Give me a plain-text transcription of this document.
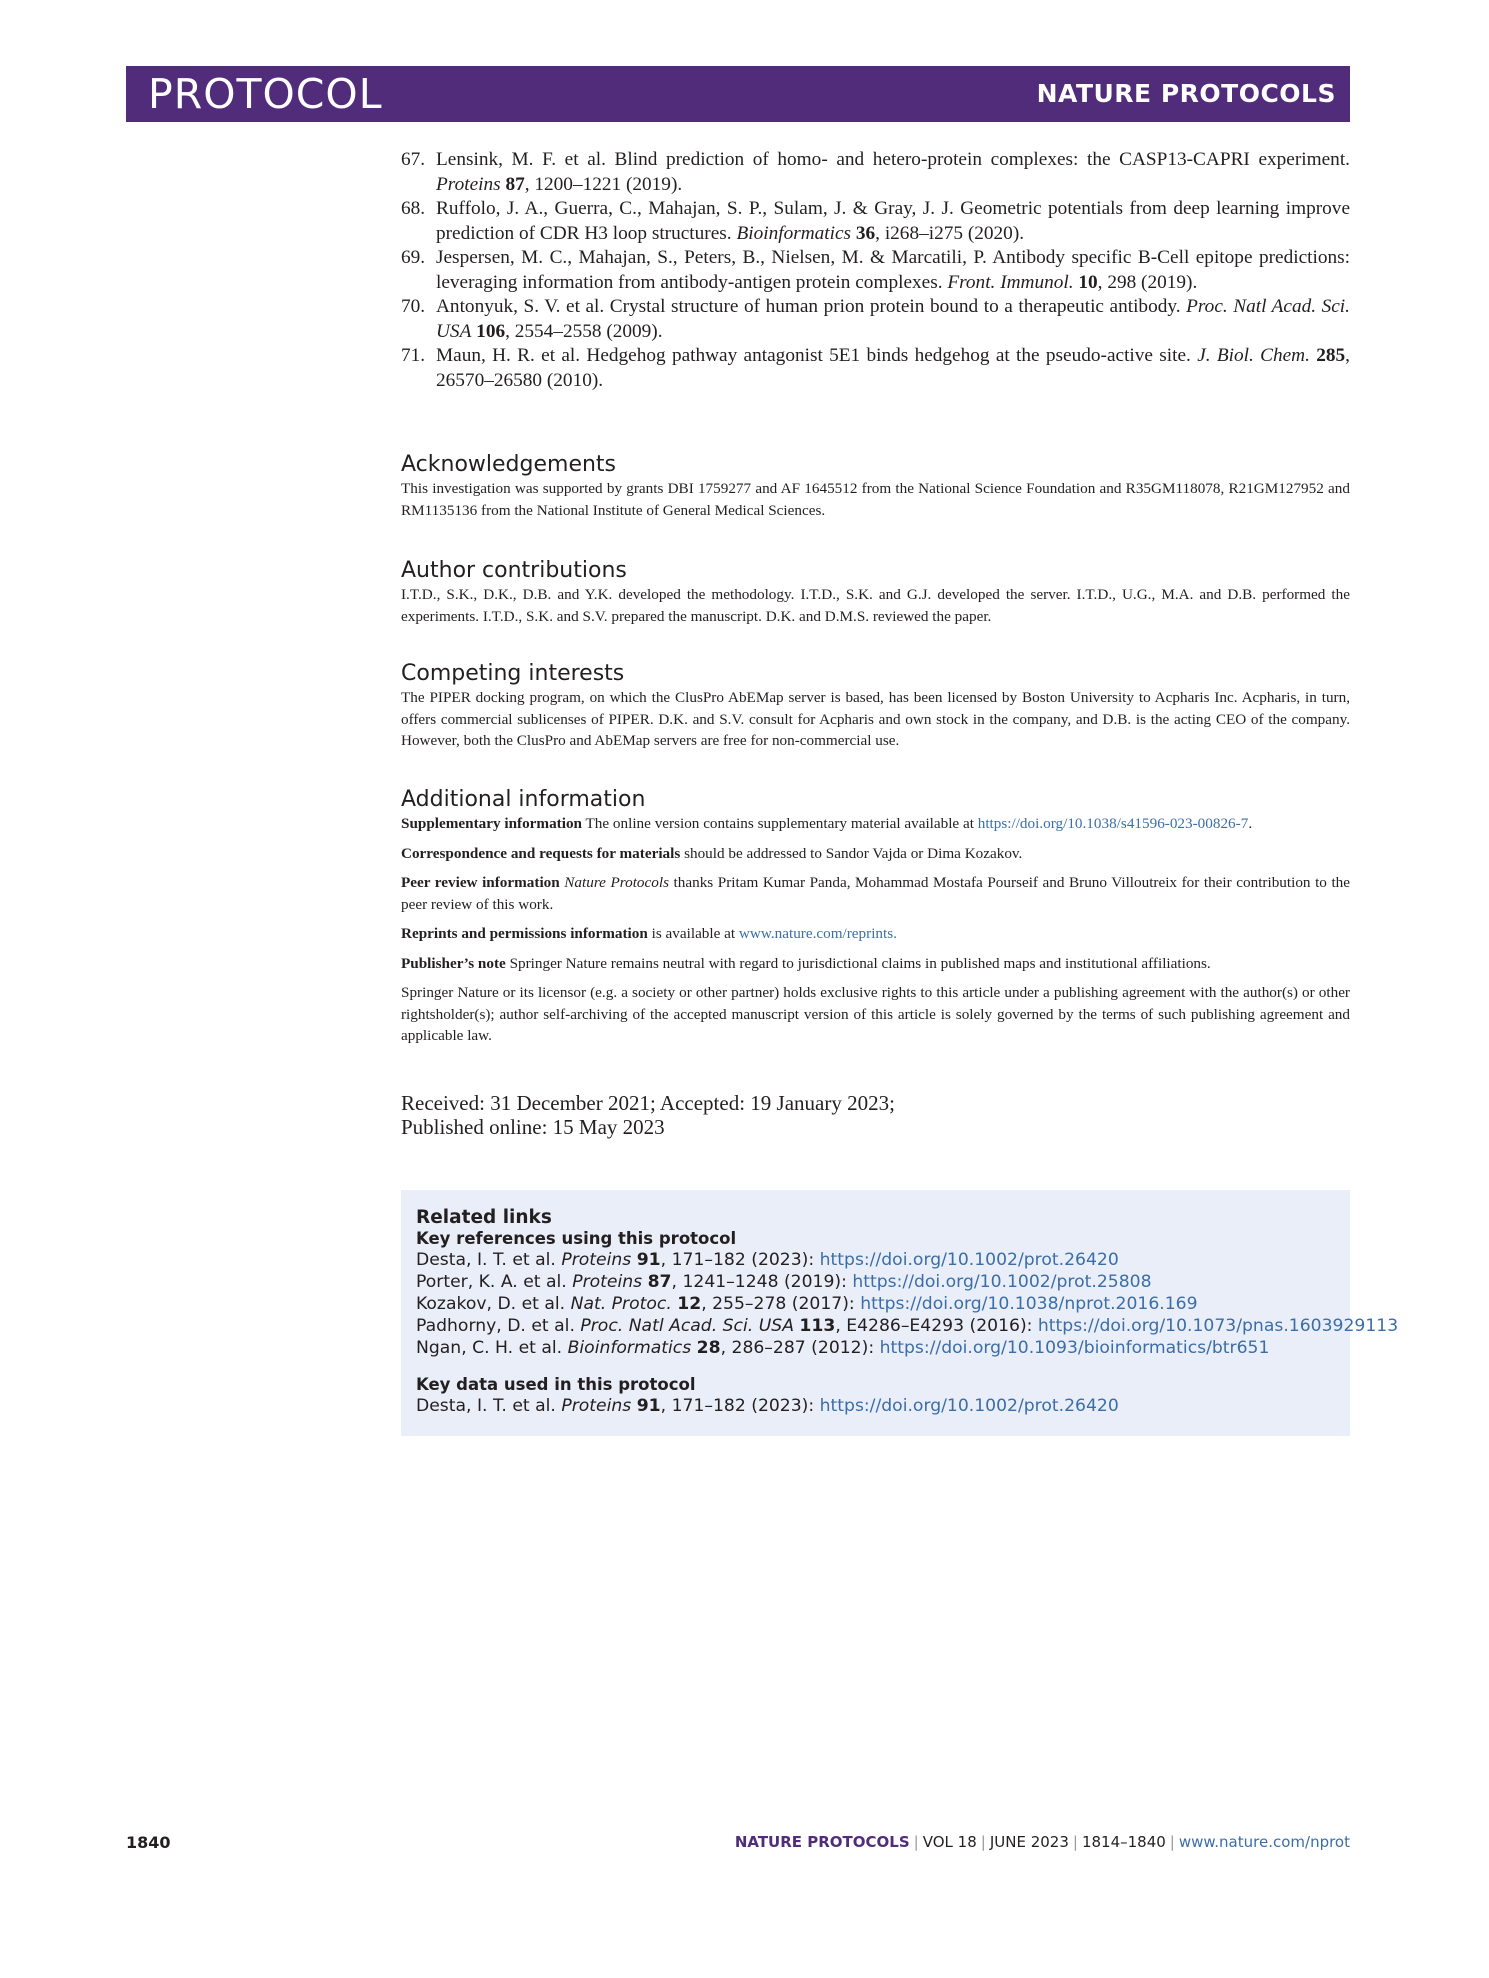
PROTOCOL	NATURE PROTOCOLS

67. Lensink, M. F. et al. Blind prediction of homo- and hetero-protein complexes: the CASP13-CAPRI experiment. Proteins 87, 1200–1221 (2019).

68. Ruffolo, J. A., Guerra, C., Mahajan, S. P., Sulam, J. & Gray, J. J. Geometric potentials from deep learning improve prediction of CDR H3 loop structures. Bioinformatics 36, i268–i275 (2020).

69. Jespersen, M. C., Mahajan, S., Peters, B., Nielsen, M. & Marcatili, P. Antibody specific B-Cell epitope predictions: leveraging information from antibody-antigen protein complexes. Front. Immunol. 10, 298 (2019).

70. Antonyuk, S. V. et al. Crystal structure of human prion protein bound to a therapeutic antibody. Proc. Natl Acad. Sci. USA 106, 2554–2558 (2009).

71. Maun, H. R. et al. Hedgehog pathway antagonist 5E1 binds hedgehog at the pseudo-active site. J. Biol. Chem. 285, 26570–26580 (2010).

Acknowledgements

This investigation was supported by grants DBI 1759277 and AF 1645512 from the National Science Foundation and R35GM118078, R21GM127952 and RM1135136 from the National Institute of General Medical Sciences.

Author contributions

I.T.D., S.K., D.K., D.B. and Y.K. developed the methodology. I.T.D., S.K. and G.J. developed the server. I.T.D., U.G., M.A. and D.B. performed the experiments. I.T.D., S.K. and S.V. prepared the manuscript. D.K. and D.M.S. reviewed the paper.

Competing interests

The PIPER docking program, on which the ClusPro AbEMap server is based, has been licensed by Boston University to Acpharis Inc. Acpharis, in turn, offers commercial sublicenses of PIPER. D.K. and S.V. consult for Acpharis and own stock in the company, and D.B. is the acting CEO of the company. However, both the ClusPro and AbEMap servers are free for non-commercial use.

Additional information

Supplementary information The online version contains supplementary material available at https://doi.org/10.1038/s41596-023-00826-7.

Correspondence and requests for materials should be addressed to Sandor Vajda or Dima Kozakov.

Peer review information Nature Protocols thanks Pritam Kumar Panda, Mohammad Mostafa Pourseif and Bruno Villoutreix for their contribution to the peer review of this work.

Reprints and permissions information is available at www.nature.com/reprints.

Publisher’s note Springer Nature remains neutral with regard to jurisdictional claims in published maps and institutional affiliations.

Springer Nature or its licensor (e.g. a society or other partner) holds exclusive rights to this article under a publishing agreement with the author(s) or other rightsholder(s); author self-archiving of the accepted manuscript version of this article is solely governed by the terms of such publishing agreement and applicable law.

Received: 31 December 2021; Accepted: 19 January 2023;
Published online: 15 May 2023
Related links
Key references using this protocol
Desta, I. T. et al. Proteins 91, 171–182 (2023): https://doi.org/10.1002/prot.26420
Porter, K. A. et al. Proteins 87, 1241–1248 (2019): https://doi.org/10.1002/prot.25808
Kozakov, D. et al. Nat. Protoc. 12, 255–278 (2017): https://doi.org/10.1038/nprot.2016.169
Padhorny, D. et al. Proc. Natl Acad. Sci. USA 113, E4286–E4293 (2016): https://doi.org/10.1073/pnas.1603929113
Ngan, C. H. et al. Bioinformatics 28, 286–287 (2012): https://doi.org/10.1093/bioinformatics/btr651
Key data used in this protocol
Desta, I. T. et al. Proteins 91, 171–182 (2023): https://doi.org/10.1002/prot.26420
1840	NATURE PROTOCOLS | VOL 18 | JUNE 2023 | 1814–1840 | www.nature.com/nprot
